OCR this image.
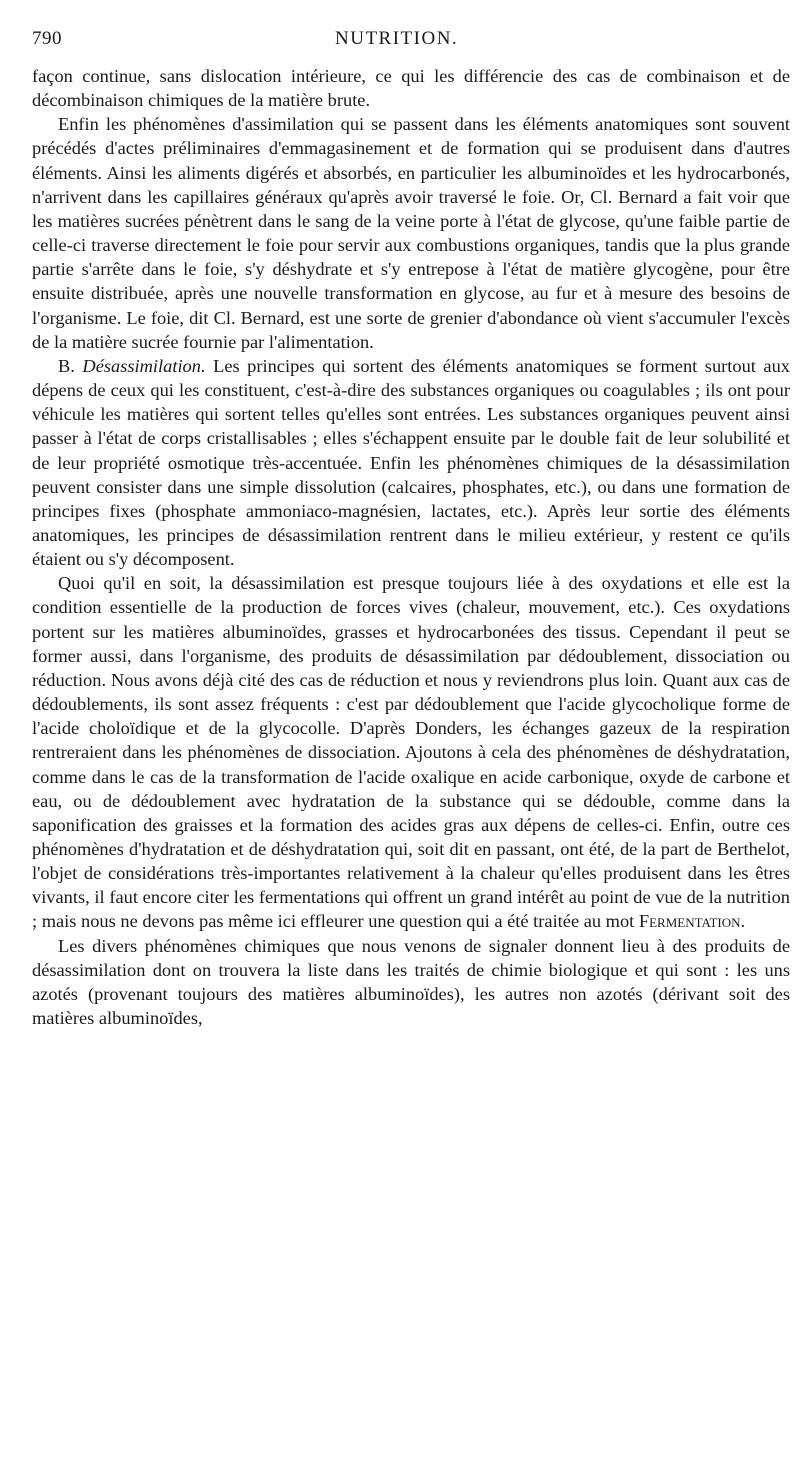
790	NUTRITION.

façon continue, sans dislocation intérieure, ce qui les différencie des cas de combinaison et de décombinaison chimiques de la matière brute.

Enfin les phénomènes d'assimilation qui se passent dans les éléments anatomiques sont souvent précédés d'actes préliminaires d'emmagasinement et de formation qui se produisent dans d'autres éléments. Ainsi les aliments digérés et absorbés, en particulier les albuminoïdes et les hydrocarbonés, n'arrivent dans les capillaires généraux qu'après avoir traversé le foie. Or, Cl. Bernard a fait voir que les matières sucrées pénètrent dans le sang de la veine porte à l'état de glycose, qu'une faible partie de celle-ci traverse directement le foie pour servir aux combustions organiques, tandis que la plus grande partie s'arrête dans le foie, s'y déshydrate et s'y entrepose à l'état de matière glycogène, pour être ensuite distribuée, après une nouvelle transformation en glycose, au fur et à mesure des besoins de l'organisme. Le foie, dit Cl. Bernard, est une sorte de grenier d'abondance où vient s'accumuler l'excès de la matière sucrée fournie par l'alimentation.

B. Désassimilation. Les principes qui sortent des éléments anatomiques se forment surtout aux dépens de ceux qui les constituent, c'est-à-dire des substances organiques ou coagulables ; ils ont pour véhicule les matières qui sortent telles qu'elles sont entrées. Les substances organiques peuvent ainsi passer à l'état de corps cristallisables ; elles s'échappent ensuite par le double fait de leur solubilité et de leur propriété osmotique très-accentuée. Enfin les phénomènes chimiques de la désassimilation peuvent consister dans une simple dissolution (calcaires, phosphates, etc.), ou dans une formation de principes fixes (phosphate ammoniaco-magnésien, lactates, etc.). Après leur sortie des éléments anatomiques, les principes de désassimilation rentrent dans le milieu extérieur, y restent ce qu'ils étaient ou s'y décomposent.

Quoi qu'il en soit, la désassimilation est presque toujours liée à des oxydations et elle est la condition essentielle de la production de forces vives (chaleur, mouvement, etc.). Ces oxydations portent sur les matières albuminoïdes, grasses et hydrocarbonées des tissus. Cependant il peut se former aussi, dans l'organisme, des produits de désassimilation par dédoublement, dissociation ou réduction. Nous avons déjà cité des cas de réduction et nous y reviendrons plus loin. Quant aux cas de dédoublements, ils sont assez fréquents : c'est par dédoublement que l'acide glycocholique forme de l'acide choloïdique et de la glycocolle. D'après Donders, les échanges gazeux de la respiration rentreraient dans les phénomènes de dissociation. Ajoutons à cela des phénomènes de déshydratation, comme dans le cas de la transformation de l'acide oxalique en acide carbonique, oxyde de carbone et eau, ou de dédoublement avec hydratation de la substance qui se dédouble, comme dans la saponification des graisses et la formation des acides gras aux dépens de celles-ci. Enfin, outre ces phénomènes d'hydratation et de déshydratation qui, soit dit en passant, ont été, de la part de Berthelot, l'objet de considérations très-importantes relativement à la chaleur qu'elles produisent dans les êtres vivants, il faut encore citer les fermentations qui offrent un grand intérêt au point de vue de la nutrition ; mais nous ne devons pas même ici effleurer une question qui a été traitée au mot Fermentation.

Les divers phénomènes chimiques que nous venons de signaler donnent lieu à des produits de désassimilation dont on trouvera la liste dans les traités de chimie biologique et qui sont : les uns azotés (provenant toujours des matières albuminoïdes), les autres non azotés (dérivant soit des matières albuminoïdes,
